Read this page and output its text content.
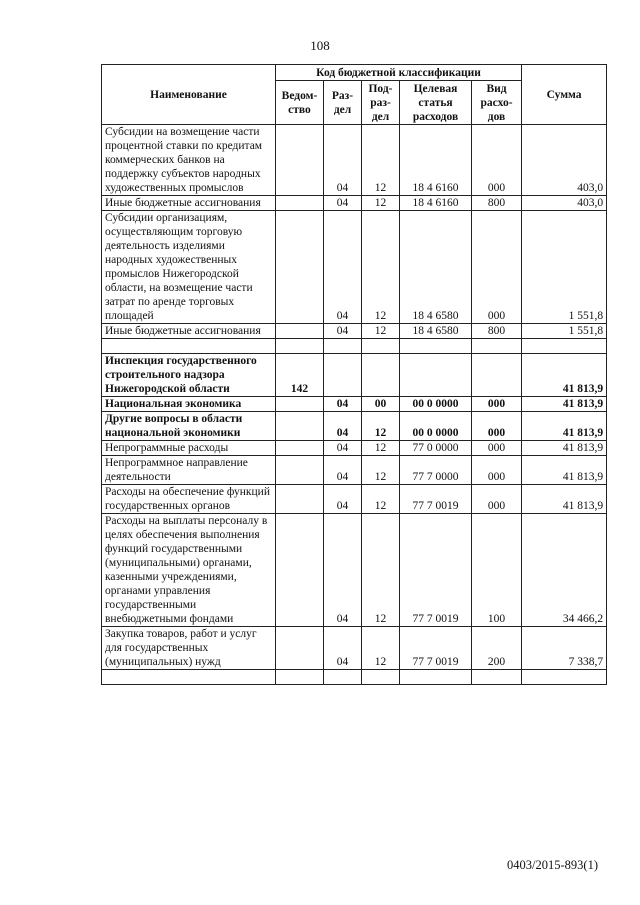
108
Наименование	Код бюджетной классификации					Сумма
	Ведом-ство	Раз-дел	Под-раз-дел	Целевая статья расходов	Вид расхо-дов	
Субсидии на возмещение части процентной ставки по кредитам коммерческих банков на поддержку субъектов народных художественных промыслов		04	12	18 4 6160	000	403,0
Иные бюджетные ассигнования		04	12	18 4 6160	800	403,0
Субсидии организациям, осуществляющим торговую деятельность изделиями народных художественных промыслов Нижегородской области, на возмещение части затрат по аренде торговых площадей		04	12	18 4 6580	000	1 551,8
Иные бюджетные ассигнования		04	12	18 4 6580	800	1 551,8

Инспекция государственного строительного надзора Нижегородской области	142					41 813,9
Национальная экономика		04	00	00 0 0000	000	41 813,9
Другие вопросы в области национальной экономики		04	12	00 0 0000	000	41 813,9
Непрограммные расходы		04	12	77 0 0000	000	41 813,9
Непрограммное направление деятельности		04	12	77 7 0000	000	41 813,9
Расходы на обеспечение функций государственных органов		04	12	77 7 0019	000	41 813,9
Расходы на выплаты персоналу в целях обеспечения выполнения функций государственными (муниципальными) органами, казенными учреждениями, органами управления государственными внебюджетными фондами		04	12	77 7 0019	100	34 466,2
Закупка товаров, работ и услуг для государственных (муниципальных) нужд		04	12	77 7 0019	200	7 338,7

0403/2015-893(1)
